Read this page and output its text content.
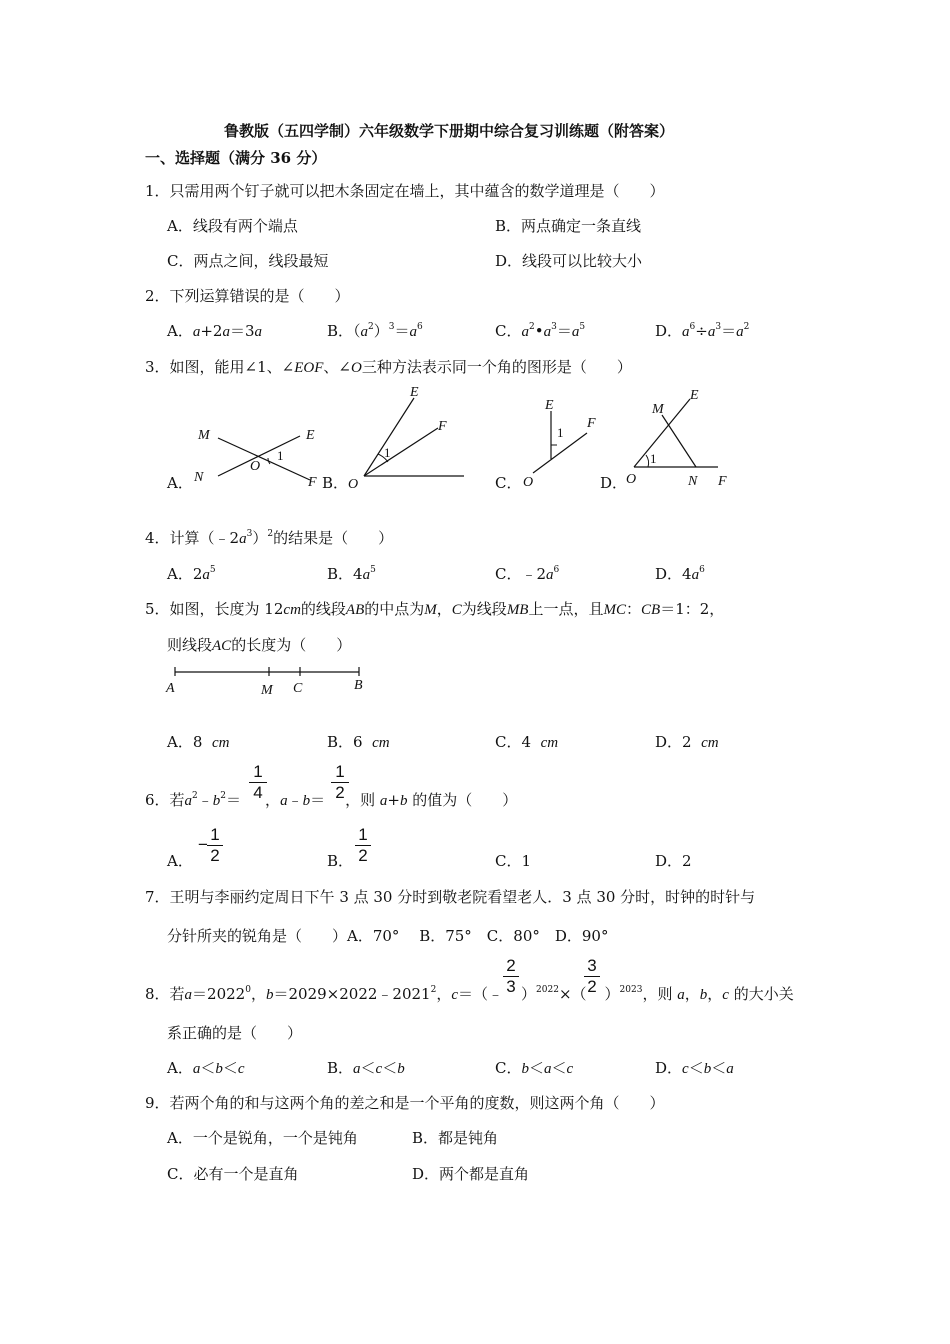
鲁教版（五四学制）六年级数学下册期中综合复习训练题（附答案）
一、选择题（满分 36 分）
1．只需用两个钉子就可以把木条固定在墙上，其中蕴含的数学道理是（　　）
A．线段有两个端点	B．两点确定一条直线
C．两点之间，线段最短	D．线段可以比较大小
2．下列运算错误的是（　　）
A．a+2a＝3a	B．$(a^2)^3=a^6$	C．$a^2•a^3=a^5$	D．$a^6\div a^3=a^2$
3．如图，能用∠1、∠EOF、∠O三种方法表示同一个角的图形是（　　）
A．	B．	C．	D．
M
N
E
F
O
1
O
E
F
1
O
E
F
1
O
M
E
N F
1
4．计算$(﹣2a^3)^2$的结果是（　　）
A．$2a^5$	B．$4a^5$	C．$﹣2a^6$	D．$4a^6$
5．如图，长度为 12cm的线段AB的中点为M，C为线段MB上一点，且MC：CB＝1：2，
则线段AC的长度为（　　）
A	M C	B
A．8 cm	B．6 cm	C．4 cm	D．2 cm
6．若$a^2﹣b^2=$ ，a﹣b＝ ，则 a+b 的值为（　　）
1
4
1
2
A．
−
1
2	B．
1
2	C．1	D．2
7．王明与李丽约定周日下午 3 点 30 分时到敬老院看望老人．3 点 30 分时，时钟的时针与
分针所夹的锐角是（　　）A．70°　 B．75°　C．80°　D．90°
8．若$a=2022^0$，$b=2029\times 2022﹣2021^2$，c＝（﹣ ）$^{2022}$×（ ）$^{2023}$，则 a，b，c 的大小关
2
3
3
2
系正确的是（　　）
A．a＜b＜c	B．a＜c＜b	C．b＜a＜c	D．c＜b＜a
9．若两个角的和与这两个角的差之和是一个平角的度数，则这两个角（　　）
A．一个是锐角，一个是钝角	B．都是钝角
C．必有一个是直角	D．两个都是直角
